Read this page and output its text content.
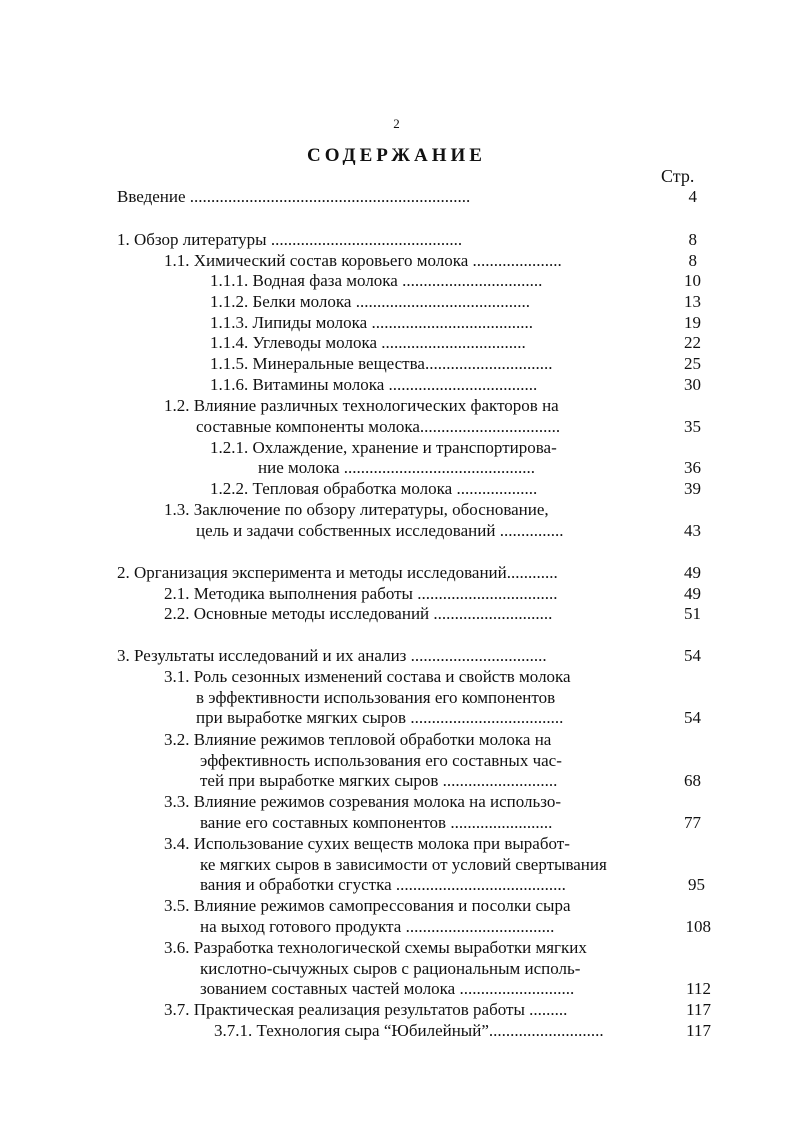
2
СОДЕРЖАНИЕ
Стр.
Введение ..................................................................	4
1. Обзор литературы .............................................	8
1.1. Химический состав коровьего молока .....................	8
1.1.1. Водная фаза молока .................................	10
1.1.2. Белки молока .........................................	13
1.1.3. Липиды молока ......................................	19
1.1.4. Углеводы молока ..................................	22
1.1.5. Минеральные вещества..............................	25
1.1.6. Витамины молока ...................................	30
1.2. Влияние различных технологических факторов на
составные компоненты молока.................................	35
1.2.1. Охлаждение, хранение и транспортирова-
ние молока .............................................	36
1.2.2. Тепловая обработка молока ...................	39
1.3. Заключение по обзору литературы, обоснование,
цель и задачи собственных исследований ...............	43
2. Организация эксперимента и методы исследований............	49
2.1. Методика выполнения работы .................................	49
2.2. Основные методы исследований ............................	51
3. Результаты исследований и их анализ ................................	54
3.1. Роль сезонных изменений состава и свойств молока
в эффективности использования его компонентов
при выработке мягких сыров ....................................	54
3.2. Влияние режимов тепловой обработки молока на
эффективность использования его составных час-
тей при выработке мягких сыров ...........................	68
3.3. Влияние режимов созревания молока на использо-
вание его составных компонентов ........................	77
3.4. Использование сухих веществ молока при выработ-
ке мягких сыров в зависимости от условий свертывания
вания и обработки сгустка ........................................	95
3.5. Влияние режимов самопрессования и посолки сыра
на выход готового продукта ...................................	108
3.6. Разработка технологической схемы выработки мягких
кислотно-сычужных сыров с рациональным исполь-
зованием составных частей молока ...........................	112
3.7. Практическая реализация результатов работы .........	117
3.7.1. Технология сыра “Юбилейный”...........................	117
